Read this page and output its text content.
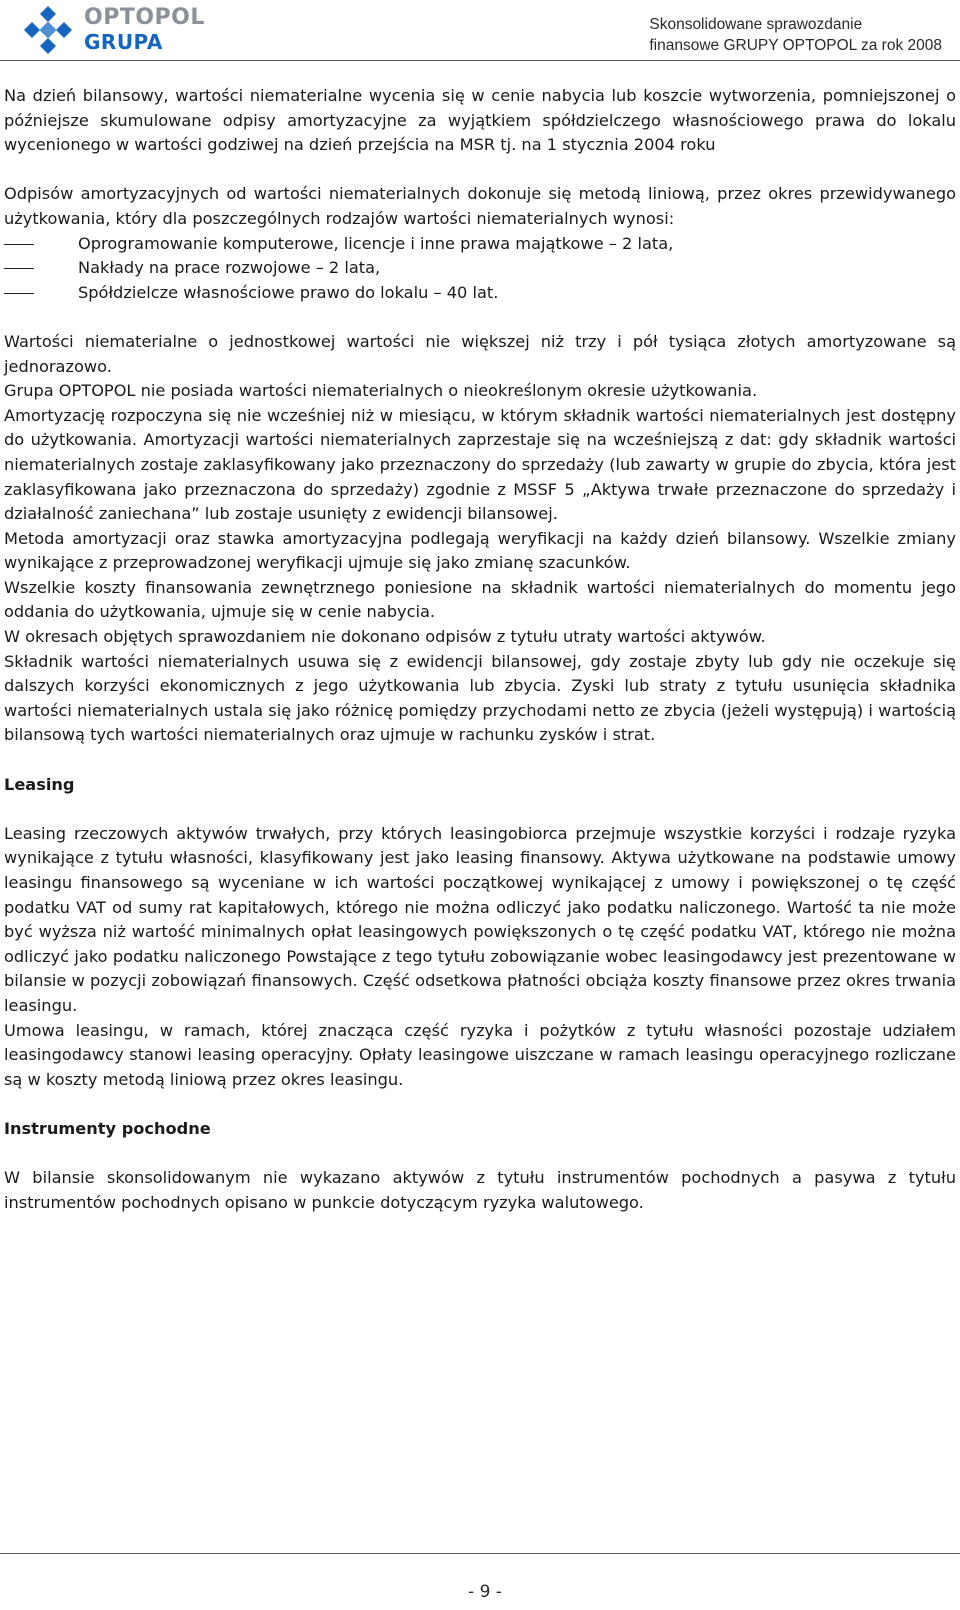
OPTOPOL
GRUPA
Skonsolidowane sprawozdanie
finansowe GRUPY OPTOPOL za rok 2008

Na dzień bilansowy, wartości niematerialne wycenia się w cenie nabycia lub koszcie wytworzenia, pomniejszonej o późniejsze skumulowane odpisy amortyzacyjne za wyjątkiem spółdzielczego własnościowego prawa do lokalu wycenionego w wartości godziwej na dzień przejścia na MSR tj. na 1 stycznia 2004 roku

Odpisów amortyzacyjnych od wartości niematerialnych dokonuje się metodą liniową, przez okres przewidywanego użytkowania, który dla poszczególnych rodzajów wartości niematerialnych wynosi:

Oprogramowanie komputerowe, licencje i inne prawa majątkowe – 2 lata,
Nakłady na prace rozwojowe – 2 lata,
Spółdzielcze własnościowe prawo do lokalu – 40 lat.

Wartości niematerialne o jednostkowej wartości nie większej niż trzy i pół tysiąca złotych amortyzowane są jednorazowo.

Grupa OPTOPOL nie posiada wartości niematerialnych o nieokreślonym okresie użytkowania.

Amortyzację rozpoczyna się nie wcześniej niż w miesiącu, w którym składnik wartości niematerialnych jest dostępny do użytkowania. Amortyzacji wartości niematerialnych zaprzestaje się na wcześniejszą z dat: gdy składnik wartości niematerialnych zostaje zaklasyfikowany jako przeznaczony do sprzedaży (lub zawarty w grupie do zbycia, która jest zaklasyfikowana jako przeznaczona do sprzedaży) zgodnie z MSSF 5 „Aktywa trwałe przeznaczone do sprzedaży i działalność zaniechana” lub zostaje usunięty z ewidencji bilansowej.

Metoda amortyzacji oraz stawka amortyzacyjna podlegają weryfikacji na każdy dzień bilansowy. Wszelkie zmiany wynikające z przeprowadzonej weryfikacji ujmuje się jako zmianę szacunków.

Wszelkie koszty finansowania zewnętrznego poniesione na składnik wartości niematerialnych do momentu jego oddania do użytkowania, ujmuje się w cenie nabycia.

W okresach objętych sprawozdaniem nie dokonano odpisów z tytułu utraty wartości aktywów.

Składnik wartości niematerialnych usuwa się z ewidencji bilansowej, gdy zostaje zbyty lub gdy nie oczekuje się dalszych korzyści ekonomicznych z jego użytkowania lub zbycia. Zyski lub straty z tytułu usunięcia składnika wartości niematerialnych ustala się jako różnicę pomiędzy przychodami netto ze zbycia (jeżeli występują) i wartością bilansową tych wartości niematerialnych oraz ujmuje w rachunku zysków i strat.

Leasing

Leasing rzeczowych aktywów trwałych, przy których leasingobiorca przejmuje wszystkie korzyści i rodzaje ryzyka wynikające z tytułu własności, klasyfikowany jest jako leasing finansowy. Aktywa użytkowane na podstawie umowy leasingu finansowego są wyceniane w ich wartości początkowej wynikającej z umowy i powiększonej o tę część podatku VAT od sumy rat kapitałowych, którego nie można odliczyć jako podatku naliczonego. Wartość ta nie może być wyższa niż wartość minimalnych opłat leasingowych powiększonych o tę część podatku VAT, którego nie można odliczyć jako podatku naliczonego Powstające z tego tytułu zobowiązanie wobec leasingodawcy jest prezentowane w bilansie w pozycji zobowiązań finansowych. Część odsetkowa płatności obciąża koszty finansowe przez okres trwania leasingu.

Umowa leasingu, w ramach, której znacząca część ryzyka i pożytków z tytułu własności pozostaje udziałem leasingodawcy stanowi leasing operacyjny. Opłaty leasingowe uiszczane w ramach leasingu operacyjnego rozliczane są w koszty metodą liniową przez okres leasingu.

Instrumenty pochodne

W bilansie skonsolidowanym nie wykazano aktywów z tytułu instrumentów pochodnych a pasywa z tytułu instrumentów pochodnych opisano w punkcie dotyczącym ryzyka walutowego.

- 9 -
